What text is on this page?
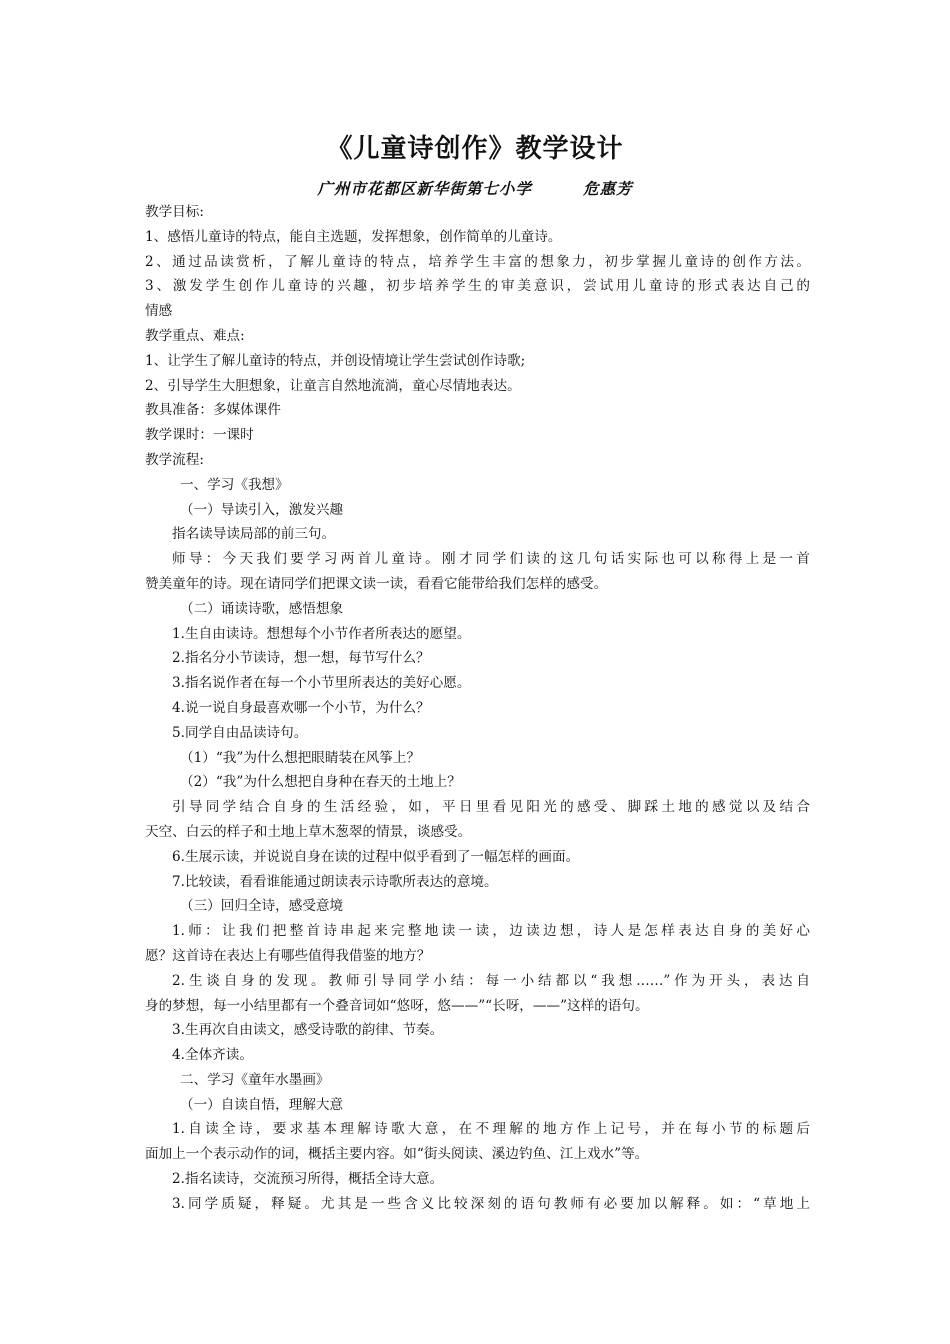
《儿童诗创作》教学设计
广州市花都区新华街第七小学        危惠芳
教学目标:
1、感悟儿童诗的特点，能自主选题，发挥想象，创作简单的儿童诗。
2、通过品读赏析，了解儿童诗的特点，培养学生丰富的想象力，初步掌握儿童诗的创作方法。
3、激发学生创作儿童诗的兴趣，初步培养学生的审美意识，尝试用儿童诗的形式表达自己的
情感
教学重点、难点:
1、让学生了解儿童诗的特点，并创设情境让学生尝试创作诗歌;
2、引导学生大胆想象，让童言自然地流淌，童心尽情地表达。
教具准备：多媒体课件
教学课时：一课时
教学流程:
一、学习《我想》
（一）导读引入，激发兴趣
指名读导读局部的前三句。
师导：今天我们要学习两首儿童诗。刚才同学们读的这几句话实际也可以称得上是一首
赞美童年的诗。现在请同学们把课文读一读，看看它能带给我们怎样的感受。
（二）诵读诗歌，感悟想象
1.生自由读诗。想想每个小节作者所表达的愿望。
2.指名分小节读诗，想一想，每节写什么？
3.指名说作者在每一个小节里所表达的美好心愿。
4.说一说自身最喜欢哪一个小节，为什么？
5.同学自由品读诗句。
（1）“我”为什么想把眼睛装在风筝上？
（2）“我”为什么想把自身种在春天的土地上？
引导同学结合自身的生活经验，如，平日里看见阳光的感受、脚踩土地的感觉以及结合
天空、白云的样子和土地上草木葱翠的情景，谈感受。
6.生展示读，并说说自身在读的过程中似乎看到了一幅怎样的画面。
7.比较读，看看谁能通过朗读表示诗歌所表达的意境。
（三）回归全诗，感受意境
1.师：让我们把整首诗串起来完整地读一读，边读边想，诗人是怎样表达自身的美好心
愿？这首诗在表达上有哪些值得我借鉴的地方？
2.生谈自身的发现。教师引导同学小结：每一小结都以“我想……”作为开头，表达自
身的梦想，每一小结里都有一个叠音词如“悠呀，悠——”“长呀，——”这样的语句。
3.生再次自由读文，感受诗歌的韵律、节奏。
4.全体齐读。
二、学习《童年水墨画》
（一）自读自悟，理解大意
1.自读全诗，要求基本理解诗歌大意，在不理解的地方作上记号，并在每小节的标题后
面加上一个表示动作的词，概括主要内容。如“街头阅读、溪边钓鱼、江上戏水”等。
2.指名读诗，交流预习所得，概括全诗大意。
3.同学质疑，释疑。尤其是一些含义比较深刻的语句教师有必要加以解释。如：“草地上
